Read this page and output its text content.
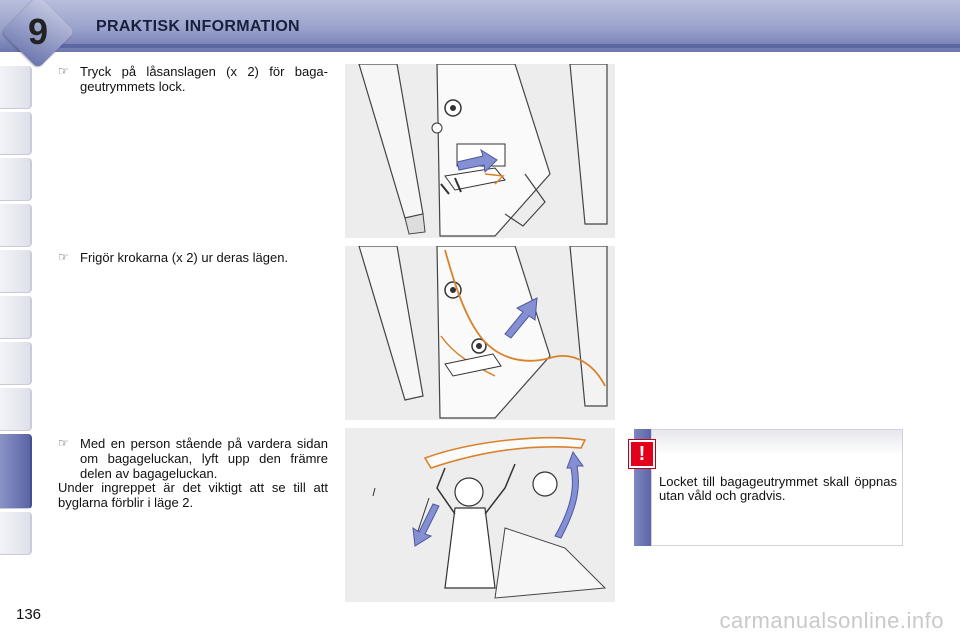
9	PRAKTISK INFORMATION
☞ Tryck på låsanslagen (x 2) för baga-geutrymmets lock.
☞ Frigör krokarna (x 2) ur deras lägen.
☞ Med en person stående på vardera sidan om bagageluckan, lyft upp den främre delen av bagageluckan.
Under ingreppet är det viktigt att se till att byglarna förblir i läge 2.
!
Locket till bagageutrymmet skall öppnas utan våld och gradvis.
136	carmanualsonline.info
